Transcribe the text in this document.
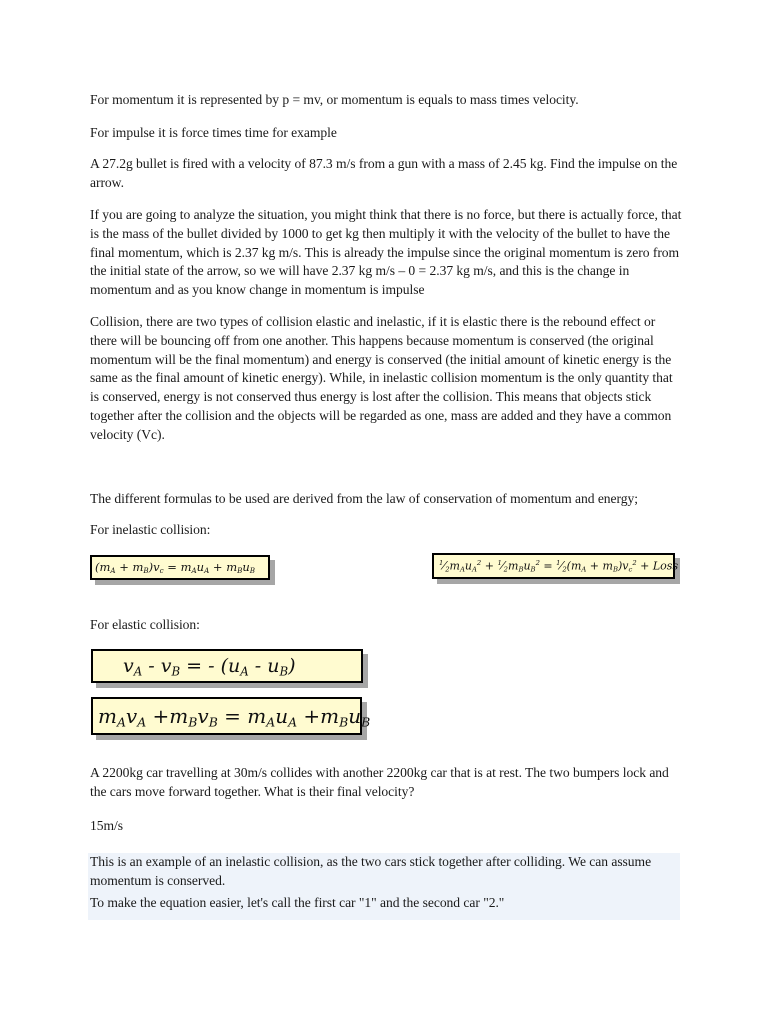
For momentum it is represented by p = mv, or momentum is equals to mass times velocity.

For impulse it is force times time for example

A 27.2g bullet is fired with a velocity of 87.3 m/s from a gun with a mass of 2.45 kg. Find the impulse on the arrow.

If you are going to analyze the situation, you might think that there is no force, but there is actually force, that is the mass of the bullet divided by 1000 to get kg then multiply it with the velocity of the bullet to have the final momentum, which is 2.37 kg m/s. This is already the impulse since the original momentum is zero from the initial state of the arrow, so we will have 2.37 kg m/s – 0 = 2.37 kg m/s, and this is the change in momentum and as you know change in momentum is impulse

Collision, there are two types of collision elastic and inelastic, if it is elastic there is the rebound effect or there will be bouncing off from one another. This happens because momentum is conserved (the original momentum will be the final momentum) and energy is conserved (the initial amount of kinetic energy is the same as the final amount of kinetic energy). While, in inelastic collision momentum is the only quantity that is conserved, energy is not conserved thus energy is lost after the collision. This means that objects stick together after the collision and the objects will be regarded as one, mass are added and they have a common velocity (Vc).

The different formulas to be used are derived from the law of conservation of momentum and energy;

For inelastic collision:

$(m_A + m_B)v_c = m_Au_A + m_Bu_B$
$^1⁄_2m_Au_A^2$ + $^1⁄_2m_Bu_B^2$ = $^1⁄_2(m_A + m_B)v_c^2$ + Loss

For elastic collision:

$v_A - v_B$ = - $(u_A - u_B)$
$m_Av_A +m_Bv_B = m_Au_A +m_Bu_B$

A 2200kg car travelling at 30m/s collides with another 2200kg car that is at rest. The two bumpers lock and the cars move forward together. What is their final velocity?

15m/s

This is an example of an inelastic collision, as the two cars stick together after colliding. We can assume momentum is conserved.

To make the equation easier, let's call the first car "1" and the second car "2."
